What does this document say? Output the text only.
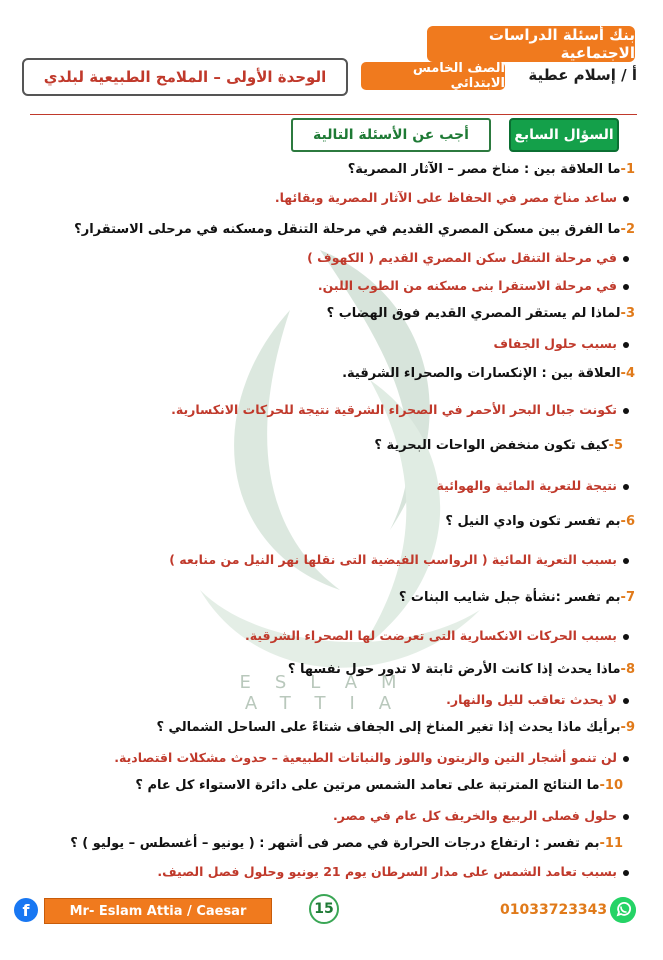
ESLAM ATTIA
بنك أسئلة الدراسات الاجتماعية
أ / إسلام عطية
الصف الخامس الابتدائي
الوحدة الأولى – الملامح الطبيعية لبلدي
السؤال السابع
أجب عن الأسئلة التالية
1-ما العلاقة بين : مناخ مصر – الآثار المصرية؟
ساعد مناخ مصر في الحفاظ على الآثار المصرية وبقائها.
2-ما الفرق بين مسكن المصري القديم في مرحلة التنقل ومسكنه في مرحلى الاستقرار؟
في مرحلة التنقل سكن المصري القديم ( الكهوف )
في مرحلة الاستقرا بنى مسكنه من الطوب اللبن.
3-لماذا لم يستقر المصري القديم فوق الهضاب ؟
بسبب حلول الجفاف
4-العلاقة بين : الإنكسارات والصحراء الشرقية.
تكونت جبال البحر الأحمر في الصحراء الشرقية نتيجة للحركات الانكسارية.
5-كيف تكون منخفض الواحات البحرية ؟
نتيجة للتعرية المائية والهوائية
6-بم تفسر تكون وادي النيل ؟
بسبب التعرية المائية ( الرواسب الفيضية التى نقلها نهر النيل من منابعه )
7-بم تفسر :نشأة جبل شايب البنات ؟
بسبب الحركات الانكسارية التى تعرضت لها الصحراء الشرقية.
8-ماذا يحدث إذا كانت الأرض ثابتة لا تدور حول نفسها ؟
لا يحدث تعاقب لليل والنهار.
9-برأيك ماذا يحدث إذا تغير المناخ إلى الجفاف شتاءً على الساحل الشمالي ؟
لن تنمو أشجار التين والزيتون واللوز والنباتات الطبيعية – حدوث مشكلات اقتصادية.
10-ما النتائج المترتبة على تعامد الشمس مرتين على دائرة الاستواء كل عام ؟
حلول فصلى الربيع والخريف كل عام في مصر.
11-بم تفسر : ارتفاع درجات الحرارة في مصر فى أشهر : ( يونيو – أغسطس – يوليو ) ؟
بسبب تعامد الشمس على مدار السرطان يوم 21 يونيو وحلول فصل الصيف.
f	Mr- Eslam Attia / Caesar	15	01033723343
